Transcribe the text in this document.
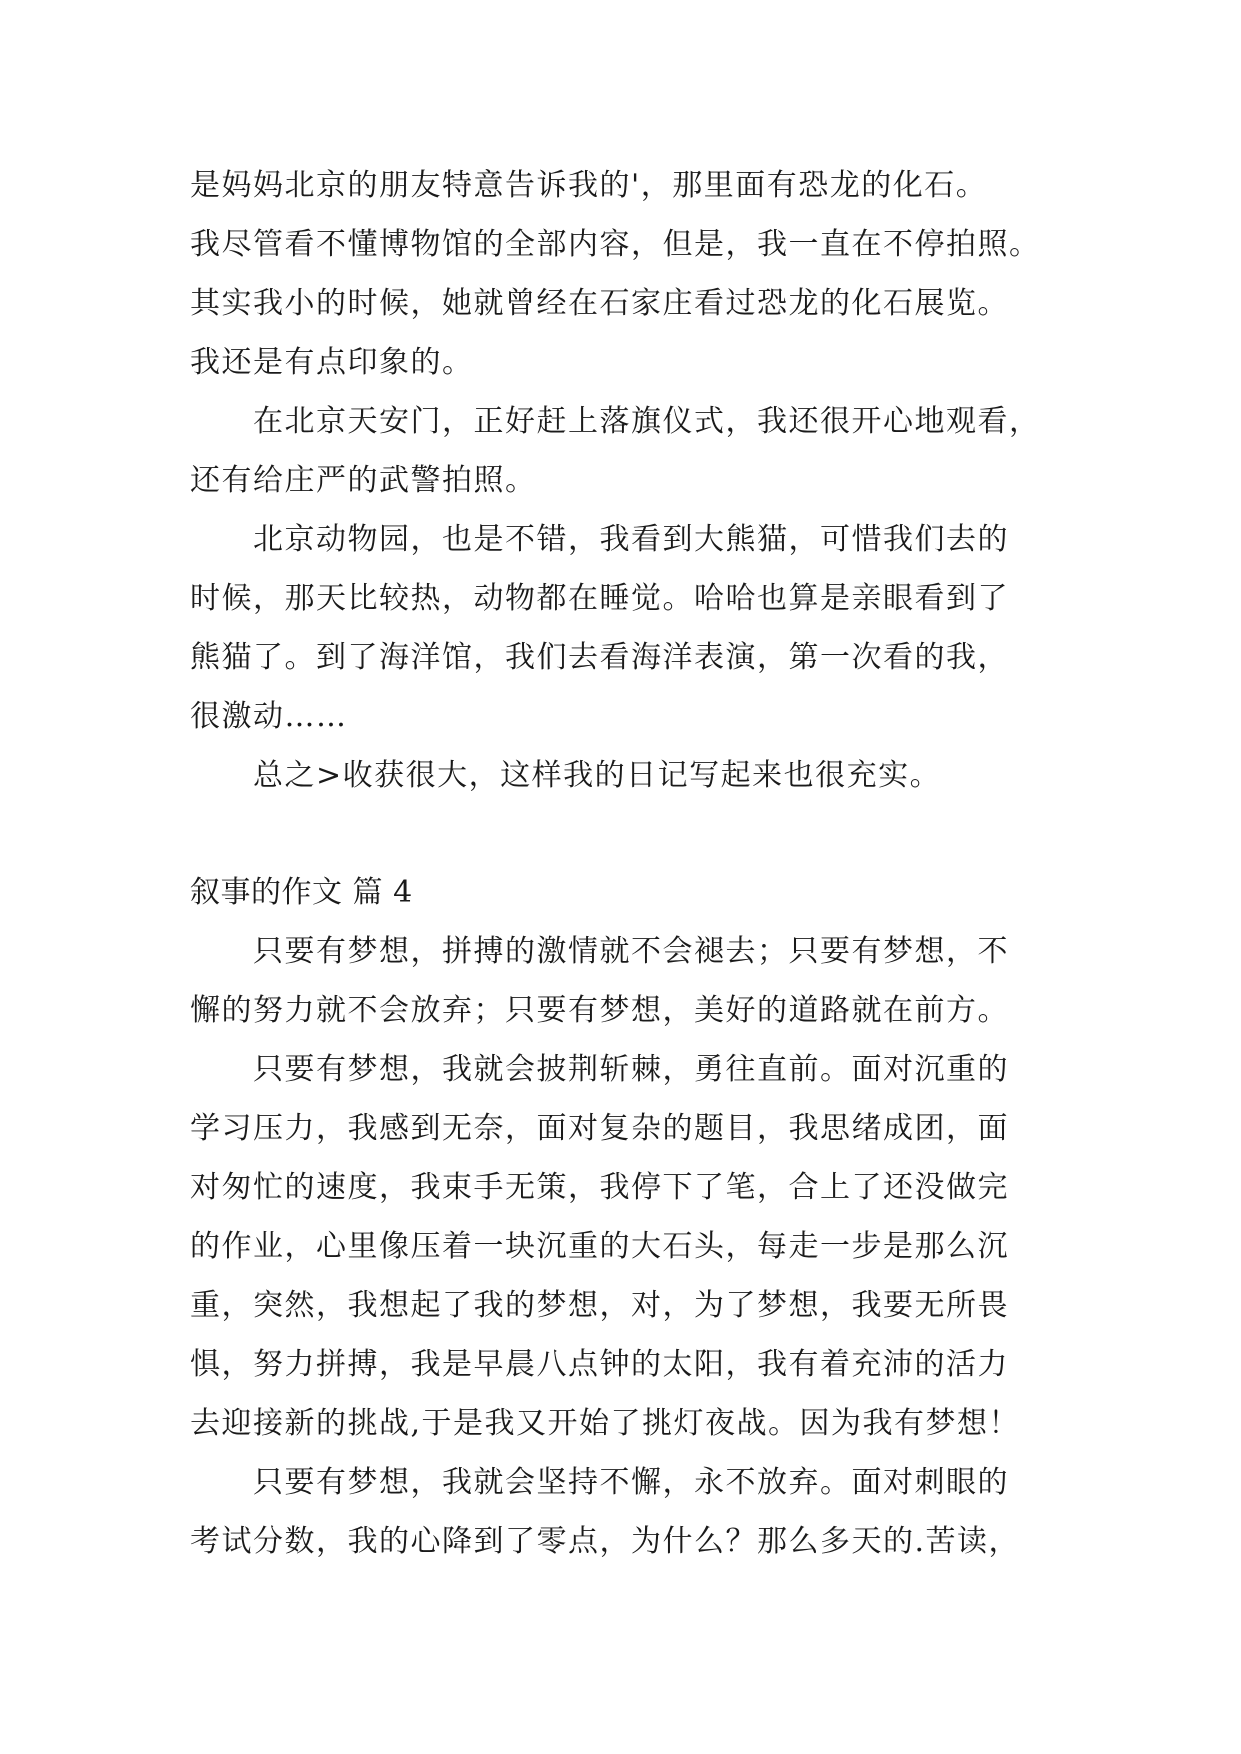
是妈妈北京的朋友特意告诉我的'，那里面有恐龙的化石。
我尽管看不懂博物馆的全部内容，但是，我一直在不停拍照。
其实我小的时候，她就曾经在石家庄看过恐龙的化石展览。
我还是有点印象的。
在北京天安门，正好赶上落旗仪式，我还很开心地观看，
还有给庄严的武警拍照。
北京动物园，也是不错，我看到大熊猫，可惜我们去的
时候，那天比较热，动物都在睡觉。哈哈也算是亲眼看到了
熊猫了。到了海洋馆，我们去看海洋表演，第一次看的我，
很激动……
总之>收获很大，这样我的日记写起来也很充实。
叙事的作文 篇 4
只要有梦想，拼搏的激情就不会褪去；只要有梦想，不
懈的努力就不会放弃；只要有梦想，美好的道路就在前方。
只要有梦想，我就会披荆斩棘，勇往直前。面对沉重的
学习压力，我感到无奈，面对复杂的题目，我思绪成团，面
对匆忙的速度，我束手无策，我停下了笔，合上了还没做完
的作业，心里像压着一块沉重的大石头，每走一步是那么沉
重，突然，我想起了我的梦想，对，为了梦想，我要无所畏
惧，努力拼搏，我是早晨八点钟的太阳，我有着充沛的活力
去迎接新的挑战,于是我又开始了挑灯夜战。因为我有梦想！
只要有梦想，我就会坚持不懈，永不放弃。面对刺眼的
考试分数，我的心降到了零点，为什么？那么多天的.苦读，
